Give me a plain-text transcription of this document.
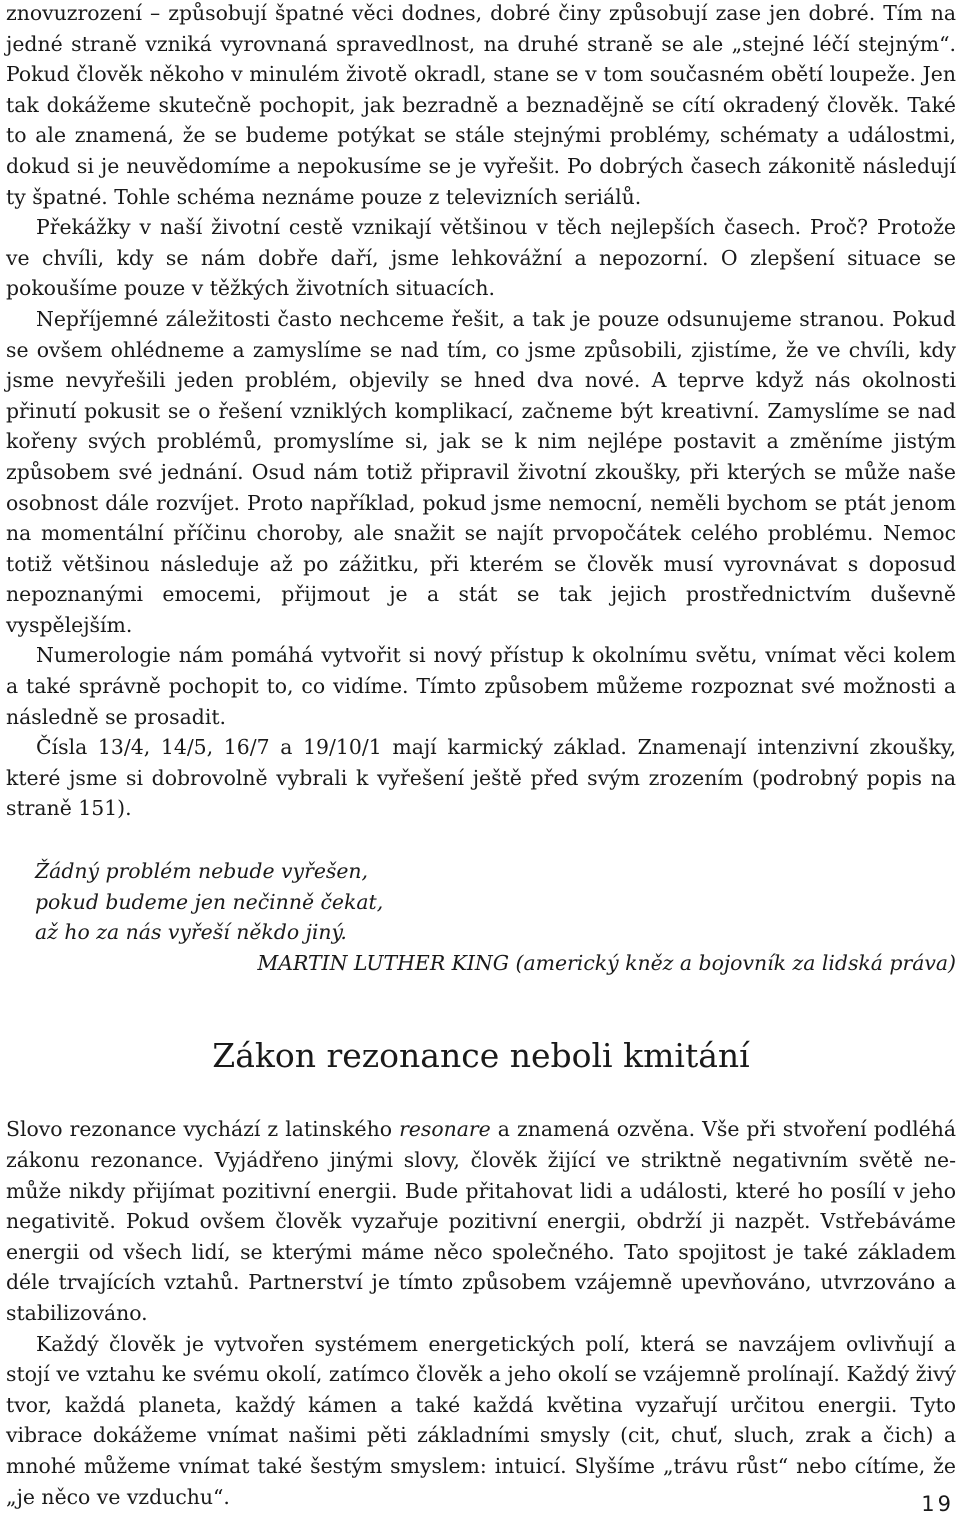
znovuzrození – způsobují špatné věci dodnes, dobré činy způsobují zase jen dobré. Tím na jedné straně vzniká vyrovnaná spravedlnost, na druhé straně se ale „stejné léčí stejným“. Pokud člověk někoho v minulém životě okradl, stane se v tom současném obětí loupeže. Jen tak dokážeme skutečně pochopit, jak bezradně a beznadějně se cítí okradený člověk. Také to ale znamená, že se budeme potýkat se stále stejnými problémy, schématy a událostmi, dokud si je neuvědomíme a nepokusíme se je vyřešit. Po dobrých časech zákonitě následují ty špatné. Tohle schéma neznáme pouze z televizních seriálů.

Překážky v naší životní cestě vznikají většinou v těch nejlepších časech. Proč? Protože ve chvíli, kdy se nám dobře daří, jsme lehkovážní a nepozorní. O zlepšení situace se pokoušíme pouze v těžkých životních situacích.

Nepříjemné záležitosti často nechceme řešit, a tak je pouze odsunujeme stranou. Pokud se ovšem ohlédneme a zamyslíme se nad tím, co jsme způsobili, zjistíme, že ve chvíli, kdy jsme nevyřešili jeden problém, objevily se hned dva nové. A teprve když nás okolnosti přinutí pokusit se o řešení vzniklých komplikací, začneme být kreativní. Zamyslíme se nad kořeny svých problémů, promyslíme si, jak se k nim nejlépe postavit a změníme jistým způsobem své jednání. Osud nám totiž připravil životní zkoušky, při kterých se může naše osobnost dále rozvíjet. Proto například, pokud jsme nemocní, neměli bychom se ptát jenom na momentální příčinu choroby, ale snažit se najít prvopočátek celého problému. Nemoc totiž většinou následuje až po zážitku, při kterém se člověk musí vyrovnávat s doposud nepoznanými emocemi, přijmout je a stát se tak jejich prostřednictvím duševně vyspělejším.

Numerologie nám pomáhá vytvořit si nový přístup k okolnímu světu, vnímat věci kolem a také správně pochopit to, co vidíme. Tímto způsobem můžeme rozpoznat své možnosti a následně se prosadit.

Čísla 13/4, 14/5, 16/7 a 19/10/1 mají karmický základ. Znamenají intenzivní zkoušky, které jsme si dobrovolně vybrali k vyřešení ještě před svým zrozením (podrobný popis na straně 151).

Žádný problém nebude vyřešen,
pokud budeme jen nečinně čekat,
až ho za nás vyřeší někdo jiný.
MARTIN LUTHER KING (americký kněz a bojovník za lidská práva)
Zákon rezonance neboli kmitání

Slovo rezonance vychází z latinského resonare a znamená ozvěna. Vše při stvoření podléhá zákonu rezonance. Vyjádřeno jinými slovy, člověk žijící ve striktně negativním světě nemůže nikdy přijímat pozitivní energii. Bude přitahovat lidi a události, které ho posílí v jeho negativitě. Pokud ovšem člověk vyzařuje pozitivní energii, obdrží ji nazpět. Vstřebáváme energii od všech lidí, se kterými máme něco společného. Tato spojitost je také základem déle trvajících vztahů. Partnerství je tímto způsobem vzájemně upevňováno, utvrzováno a stabilizováno.

Každý člověk je vytvořen systémem energetických polí, která se navzájem ovlivňují a stojí ve vztahu ke svému okolí, zatímco člověk a jeho okolí se vzájemně prolínají. Každý živý tvor, každá planeta, každý kámen a také každá květina vyzařují určitou energii. Tyto vibrace dokážeme vnímat našimi pěti základními smysly (cit, chuť, sluch, zrak a čich) a mnohé můžeme vnímat také šestým smyslem: intuicí. Slyšíme „trávu růst“ nebo cítíme, že „je něco ve vzduchu“.	19
